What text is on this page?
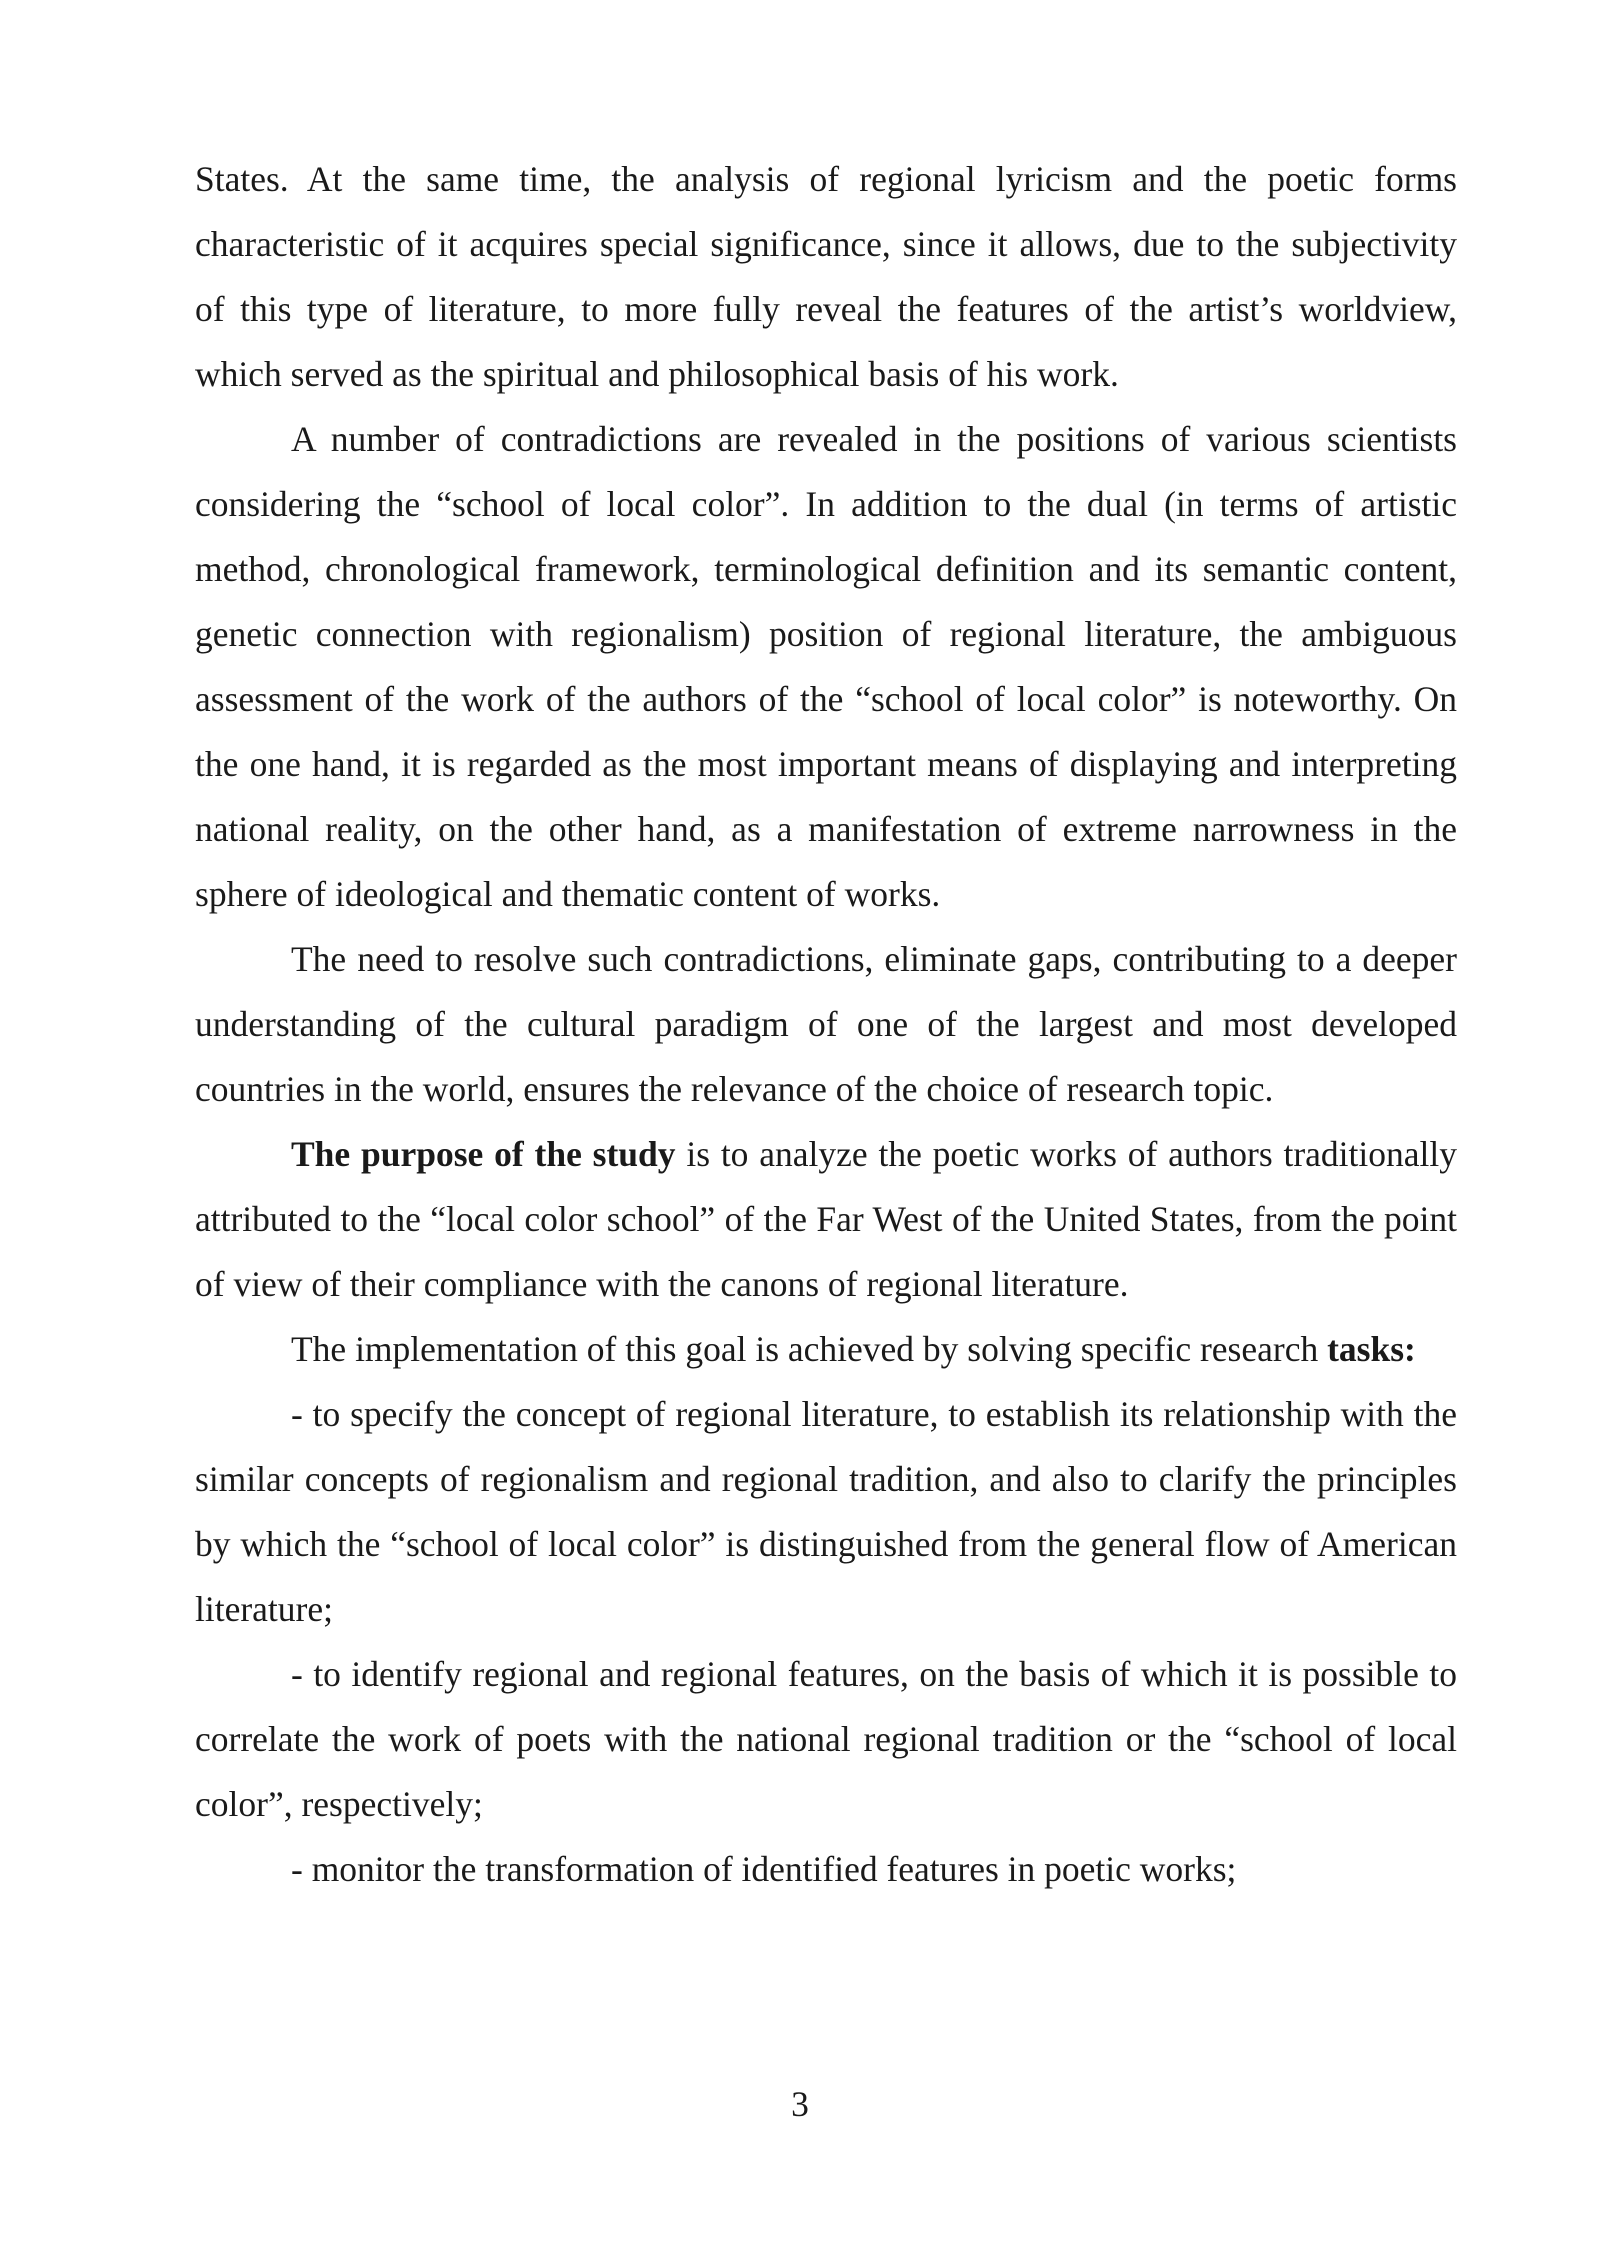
States. At the same time, the analysis of regional lyricism and the poetic forms characteristic of it acquires special significance, since it allows, due to the subjectivity of this type of literature, to more fully reveal the features of the artist’s worldview, which served as the spiritual and philosophical basis of his work.

A number of contradictions are revealed in the positions of various scientists considering the “school of local color”. In addition to the dual (in terms of artistic method, chronological framework, terminological definition and its semantic content, genetic connection with regionalism) position of regional literature, the ambiguous assessment of the work of the authors of the “school of local color” is noteworthy. On the one hand, it is regarded as the most important means of displaying and interpreting national reality, on the other hand, as a manifestation of extreme narrowness in the sphere of ideological and thematic content of works.

The need to resolve such contradictions, eliminate gaps, contributing to a deeper understanding of the cultural paradigm of one of the largest and most developed countries in the world, ensures the relevance of the choice of research topic.

The purpose of the study is to analyze the poetic works of authors traditionally attributed to the “local color school” of the Far West of the United States, from the point of view of their compliance with the canons of regional literature.

The implementation of this goal is achieved by solving specific research tasks:

- to specify the concept of regional literature, to establish its relationship with the similar concepts of regionalism and regional tradition, and also to clarify the principles by which the “school of local color” is distinguished from the general flow of American literature;

- to identify regional and regional features, on the basis of which it is possible to correlate the work of poets with the national regional tradition or the “school of local color”, respectively;

- monitor the transformation of identified features in poetic works;

3
